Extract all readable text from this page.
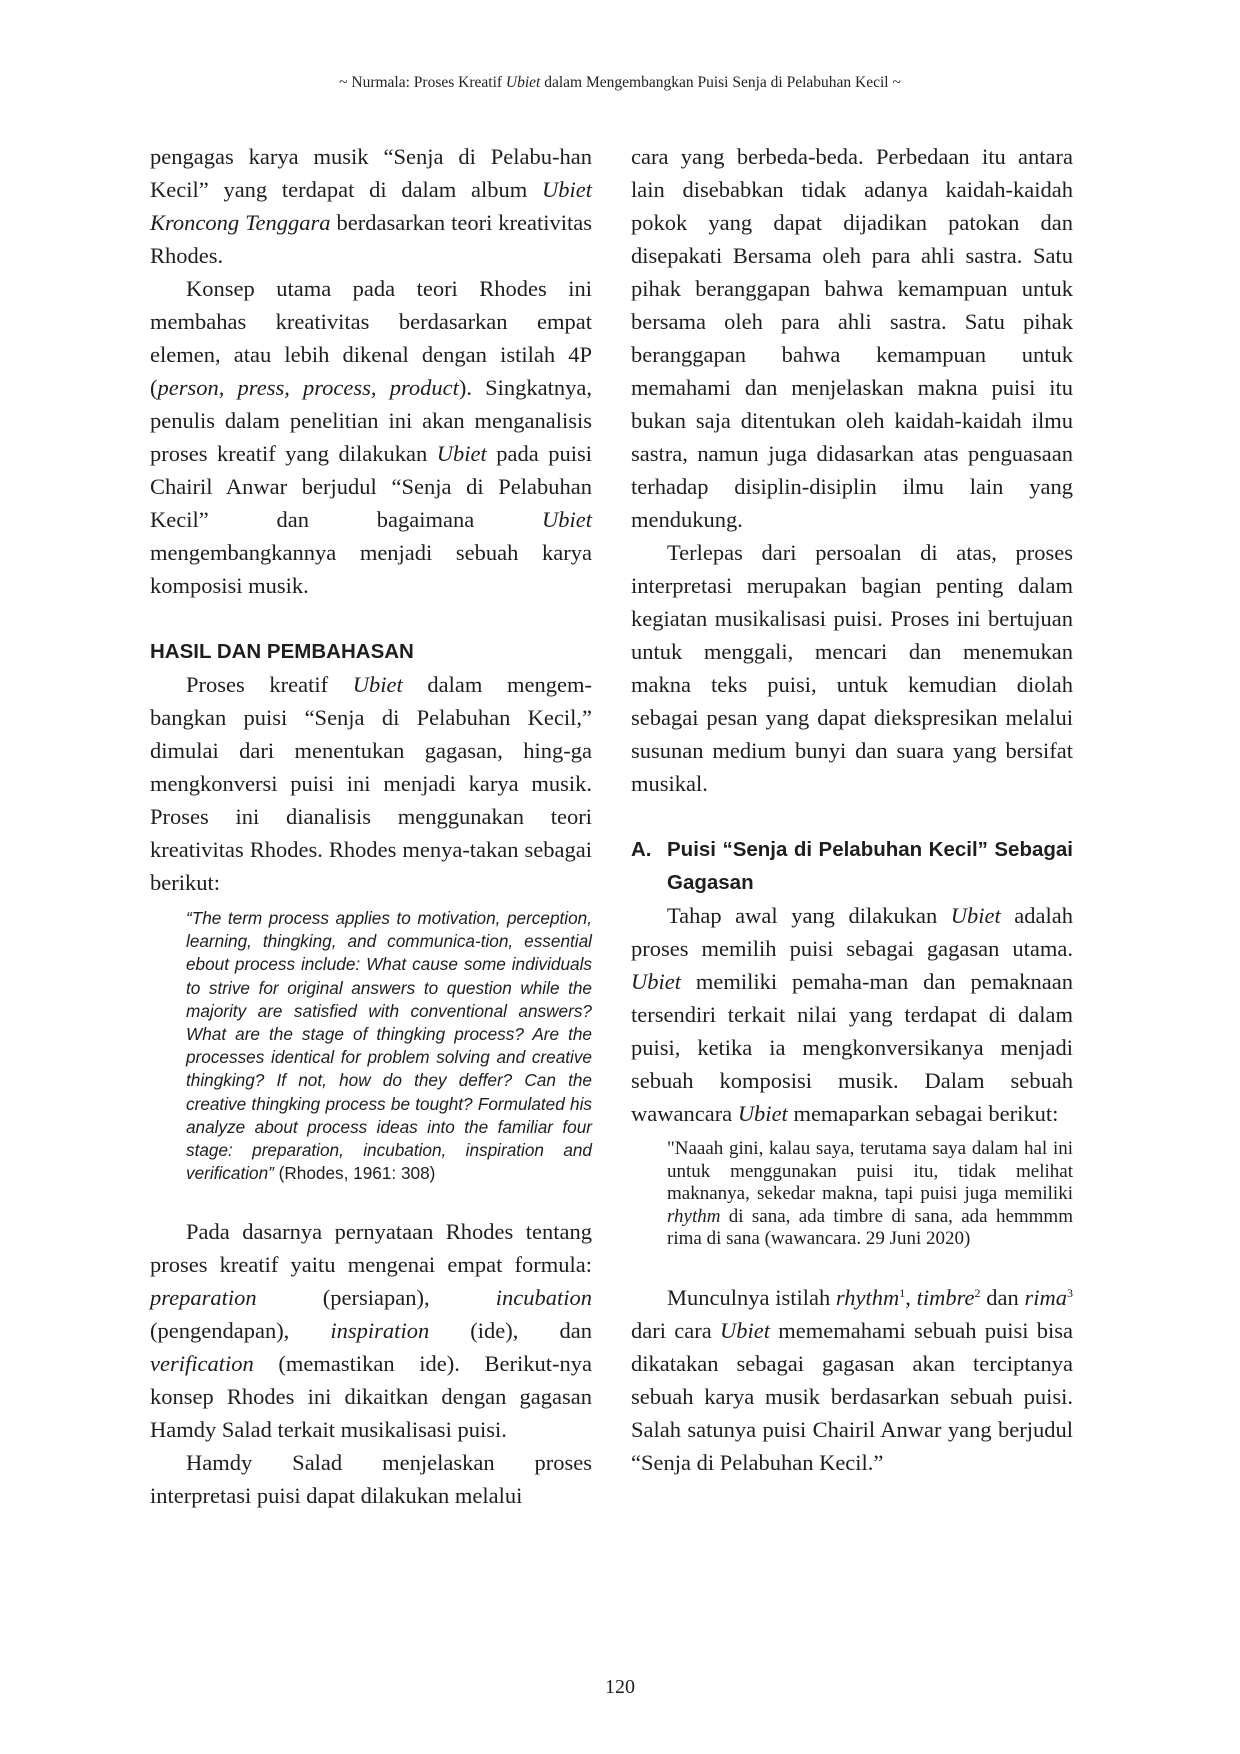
~ Nurmala: Proses Kreatif Ubiet dalam Mengembangkan Puisi Senja di Pelabuhan Kecil ~

pengagas karya musik “Senja di Pelabu-han Kecil” yang terdapat di dalam album Ubiet Kroncong Tenggara berdasarkan teori kreativitas Rhodes.

Konsep utama pada teori Rhodes ini membahas kreativitas berdasarkan empat elemen, atau lebih dikenal dengan istilah 4P (person, press, process, product). Singkatnya, penulis dalam penelitian ini akan menganalisis proses kreatif yang dilakukan Ubiet pada puisi Chairil Anwar berjudul “Senja di Pelabuhan Kecil” dan bagaimana Ubiet mengembangkannya menjadi sebuah karya komposisi musik.

HASIL DAN PEMBAHASAN

Proses kreatif Ubiet dalam mengem-bangkan puisi “Senja di Pelabuhan Kecil,” dimulai dari menentukan gagasan, hing-ga mengkonversi puisi ini menjadi karya musik. Proses ini dianalisis menggunakan teori kreativitas Rhodes. Rhodes menya-takan sebagai berikut:

“The term process applies to motivation, perception, learning, thingking, and communica-tion, essential ebout process include: What cause some individuals to strive for original answers to question while the majority are satisfied with conventional answers? What are the stage of thingking process? Are the processes identical for problem solving and creative thingking? If not, how do they deffer? Can the creative thingking process be tought? Formulated his analyze about process ideas into the familiar four stage: preparation, incubation, inspiration and verification” (Rhodes, 1961: 308)

Pada dasarnya pernyataan Rhodes tentang proses kreatif yaitu mengenai empat formula: preparation (persiapan), incubation (pengendapan), inspiration (ide), dan verification (memastikan ide). Berikut-nya konsep Rhodes ini dikaitkan dengan gagasan Hamdy Salad terkait musikalisasi puisi.

Hamdy Salad menjelaskan proses interpretasi puisi dapat dilakukan melalui

cara yang berbeda-beda. Perbedaan itu antara lain disebabkan tidak adanya kaidah-kaidah pokok yang dapat dijadikan patokan dan disepakati Bersama oleh para ahli sastra. Satu pihak beranggapan bahwa kemampuan untuk bersama oleh para ahli sastra. Satu pihak beranggapan bahwa kemampuan untuk memahami dan menjelaskan makna puisi itu bukan saja ditentukan oleh kaidah-kaidah ilmu sastra, namun juga didasarkan atas penguasaan terhadap disiplin-disiplin ilmu lain yang mendukung.

Terlepas dari persoalan di atas, proses interpretasi merupakan bagian penting dalam kegiatan musikalisasi puisi. Proses ini bertujuan untuk menggali, mencari dan menemukan makna teks puisi, untuk kemudian diolah sebagai pesan yang dapat diekspresikan melalui susunan medium bunyi dan suara yang bersifat musikal.

A. Puisi “Senja di Pelabuhan Kecil” Sebagai Gagasan

Tahap awal yang dilakukan Ubiet adalah proses memilih puisi sebagai gagasan utama. Ubiet memiliki pemaha-man dan pemaknaan tersendiri terkait nilai yang terdapat di dalam puisi, ketika ia mengkonversikanya menjadi sebuah komposisi musik. Dalam sebuah wawancara Ubiet memaparkan sebagai berikut:

"Naaah gini, kalau saya, terutama saya dalam hal ini untuk menggunakan puisi itu, tidak melihat maknanya, sekedar makna, tapi puisi juga memiliki rhythm di sana, ada timbre di sana, ada hemmmm rima di sana (wawancara. 29 Juni 2020)

Munculnya istilah rhythm$^1$, timbre$^2$ dan rima$^3$ dari cara Ubiet mememahami sebuah puisi bisa dikatakan sebagai gagasan akan terciptanya sebuah karya musik berdasarkan sebuah puisi. Salah satunya puisi Chairil Anwar yang berjudul “Senja di Pelabuhan Kecil.”

120
